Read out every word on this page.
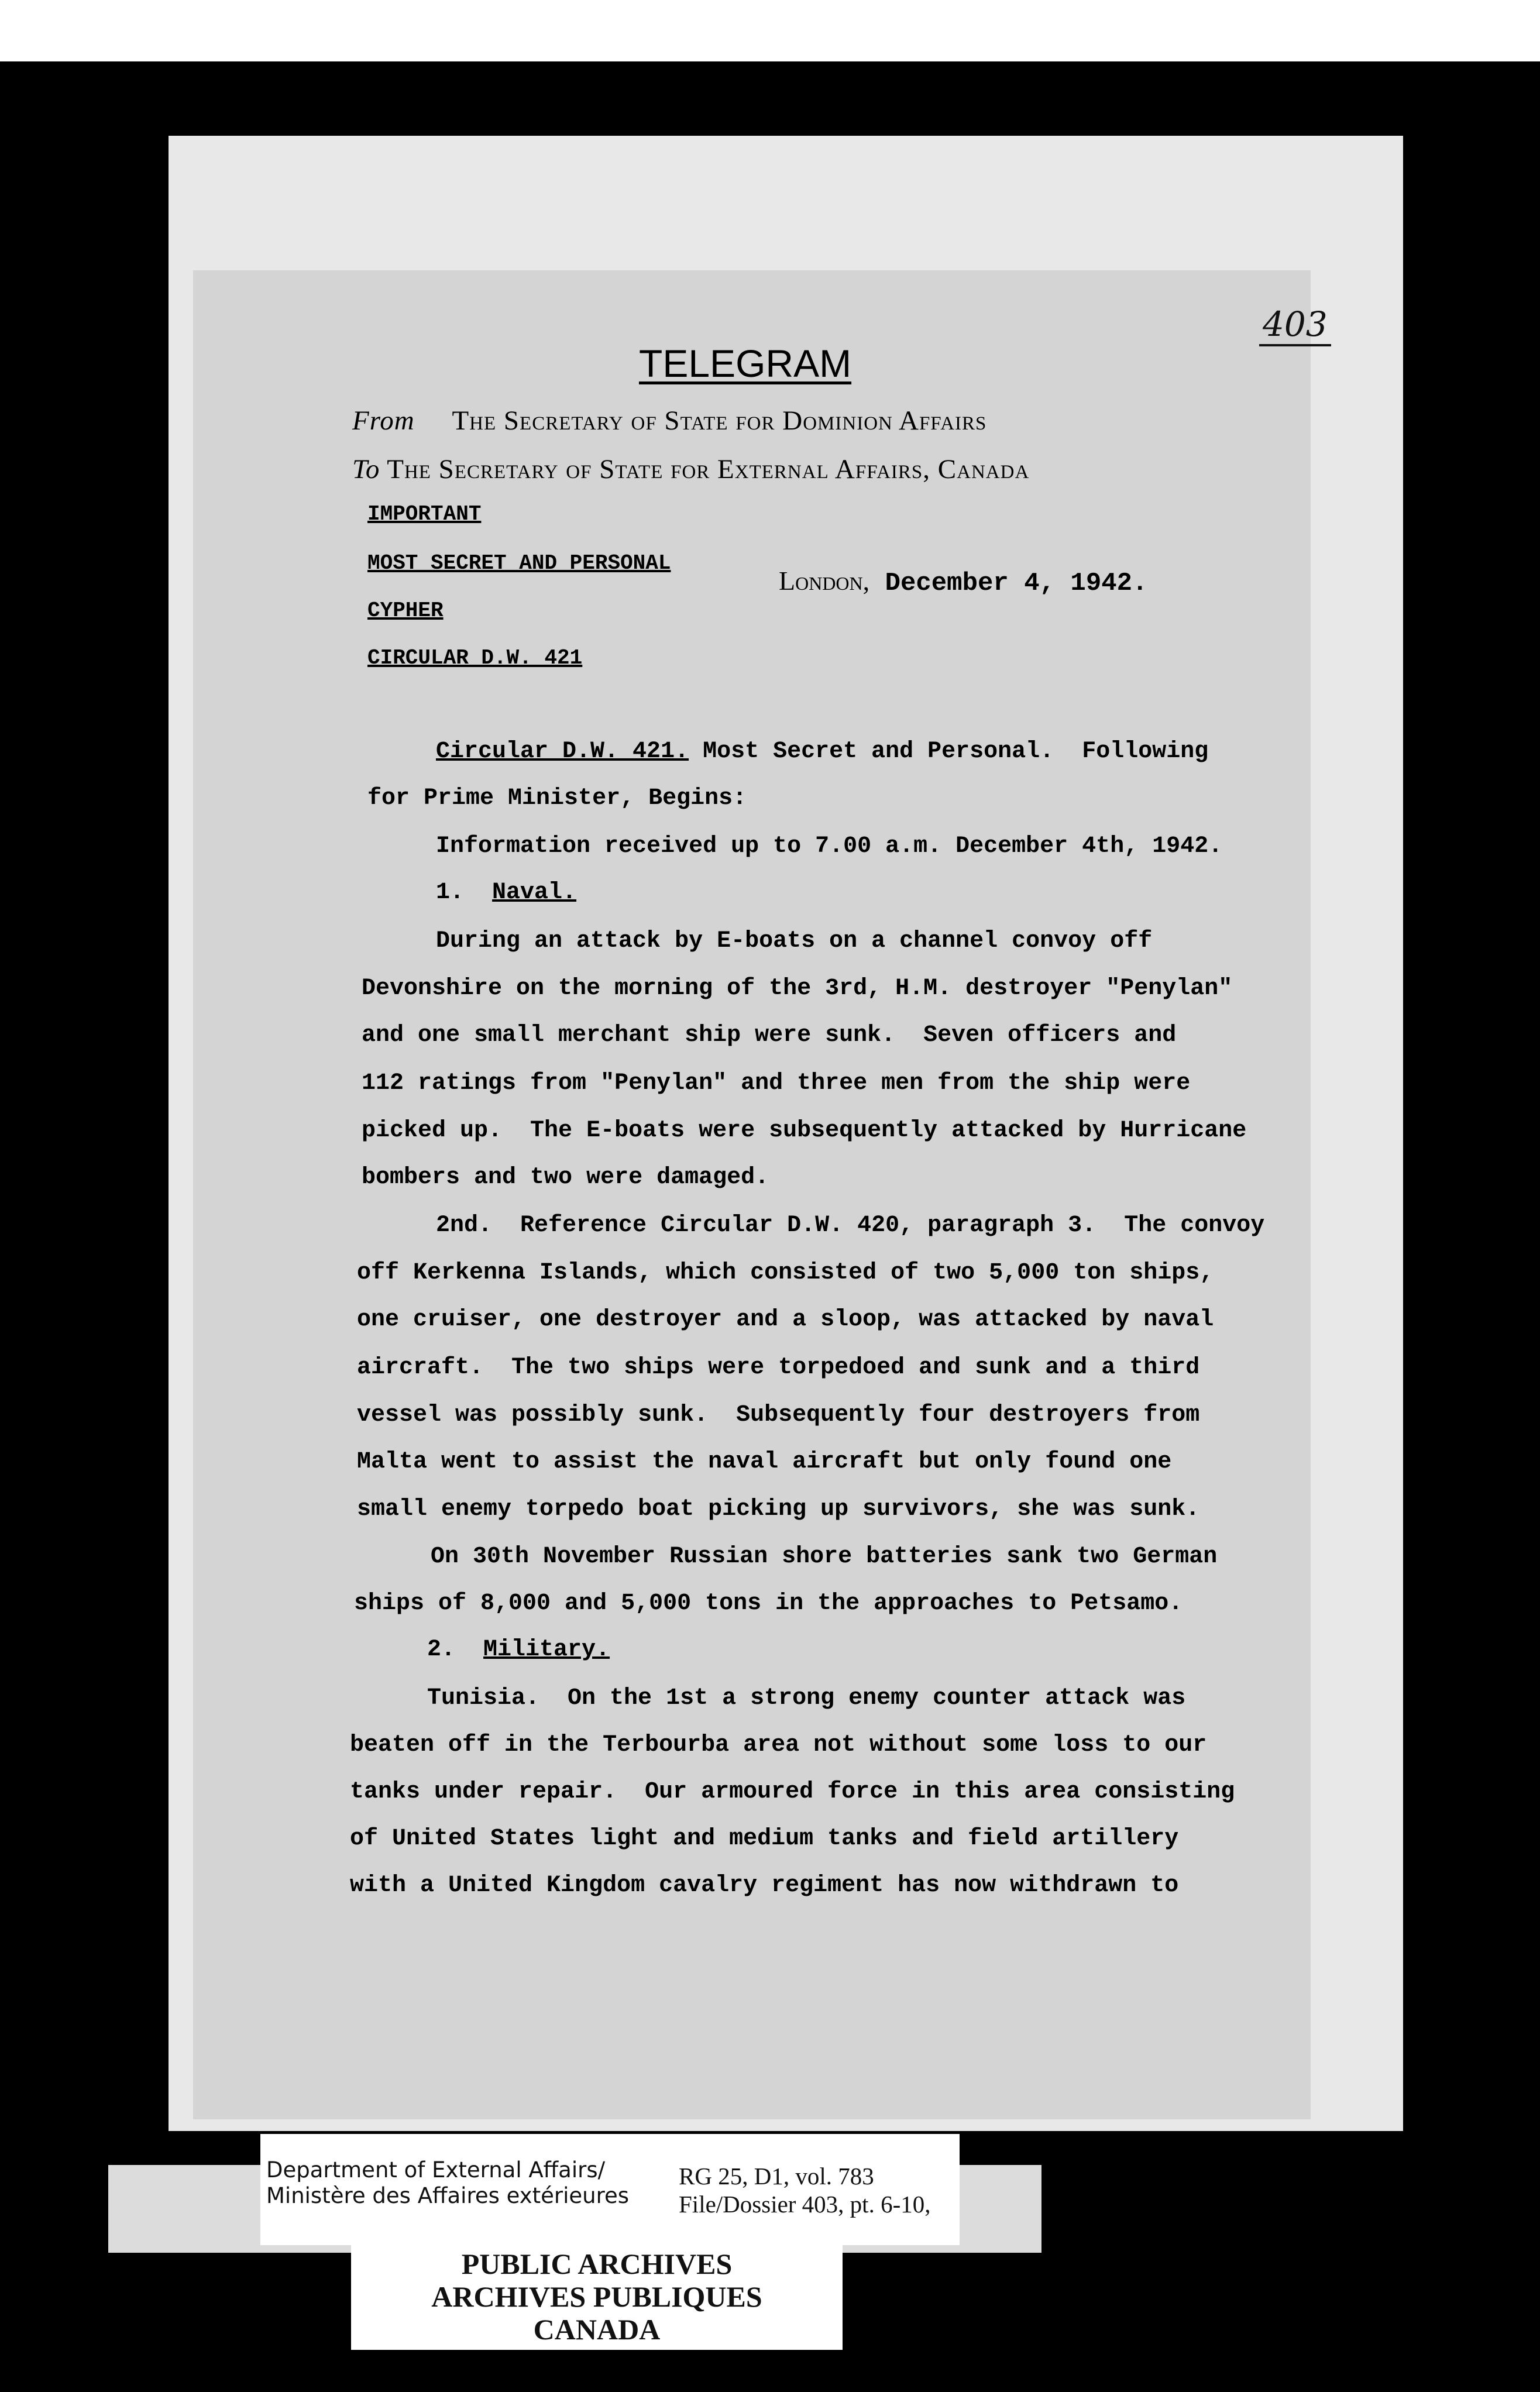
403
TELEGRAM
From The Secretary of State for Dominion Affairs
To The Secretary of State for External Affairs, Canada
IMPORTANT
MOST SECRET AND PERSONAL
CYPHER
CIRCULAR D.W. 421
London, December 4, 1942.
Circular D.W. 421. Most Secret and Personal.  Following
for Prime Minister, Begins:
Information received up to 7.00 a.m. December 4th, 1942.
1. Naval.
During an attack by E-boats on a channel convoy off
Devonshire on the morning of the 3rd, H.M. destroyer "Penylan"
and one small merchant ship were sunk.  Seven officers and
112 ratings from "Penylan" and three men from the ship were
picked up.  The E-boats were subsequently attacked by Hurricane
bombers and two were damaged.
2nd.  Reference Circular D.W. 420, paragraph 3.  The convoy
off Kerkenna Islands, which consisted of two 5,000 ton ships,
one cruiser, one destroyer and a sloop, was attacked by naval
aircraft.  The two ships were torpedoed and sunk and a third
vessel was possibly sunk.  Subsequently four destroyers from
Malta went to assist the naval aircraft but only found one
small enemy torpedo boat picking up survivors, she was sunk.
On 30th November Russian shore batteries sank two German
ships of 8,000 and 5,000 tons in the approaches to Petsamo.
2. Military.
Tunisia.  On the 1st a strong enemy counter attack was
beaten off in the Terbourba area not without some loss to our
tanks under repair.  Our armoured force in this area consisting
of United States light and medium tanks and field artillery
with a United Kingdom cavalry regiment has now withdrawn to
Department of External Affairs/
Ministère des Affaires extérieures
RG 25, D1, vol. 783
File/Dossier 403, pt. 6-10,
PUBLIC ARCHIVES
ARCHIVES PUBLIQUES
CANADA
